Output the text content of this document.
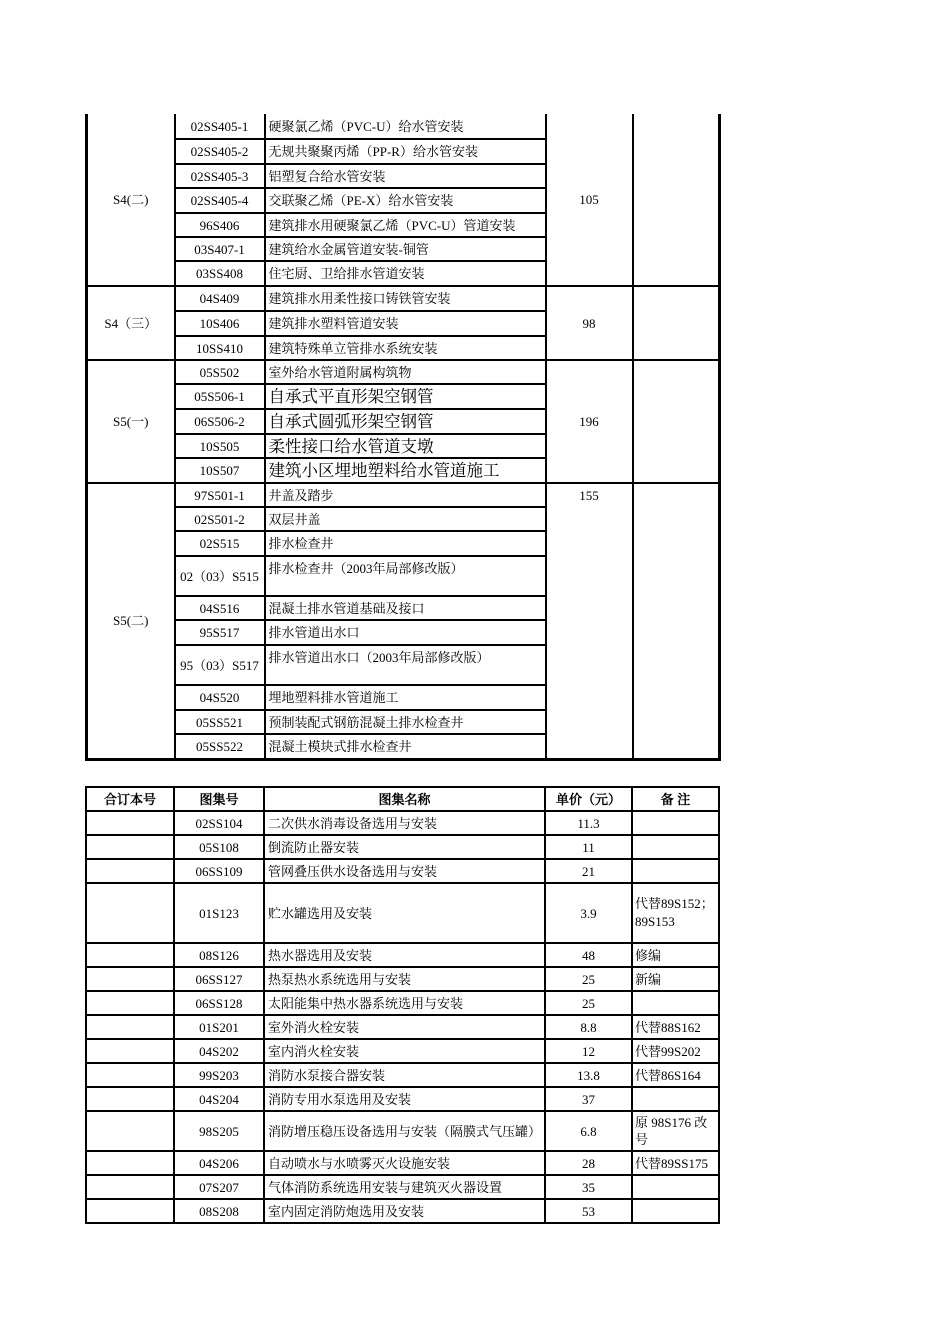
S4(二)	02SS405-1	硬聚氯乙烯（PVC-U）给水管安装	105	
	02SS405-2	无规共聚聚丙烯（PP-R）给水管安装		
	02SS405-3	铝塑复合给水管安装		
	02SS405-4	交联聚乙烯（PE-X）给水管安装		
	96S406	建筑排水用硬聚氯乙烯（PVC-U）管道安装		
	03S407-1	建筑给水金属管道安装-铜管		
	03SS408	住宅厨、卫给排水管道安装		
S4（三）	04S409	建筑排水用柔性接口铸铁管安装	98	
	10S406	建筑排水塑料管道安装		
	10SS410	建筑特殊单立管排水系统安装		
S5(一)	05S502	室外给水管道附属构筑物	196	
	05S506-1	自承式平直形架空钢管		
	06S506-2	自承式圆弧形架空钢管		
	10S505	柔性接口给水管道支墩		
	10S507	建筑小区埋地塑料给水管道施工		
S5(二)	97S501-1	井盖及踏步	155	
	02S501-2	双层井盖		
	02S515	排水检查井		
	02（03）S515	排水检查井（2003年局部修改版）		
	04S516	混凝土排水管道基础及接口		
	95S517	排水管道出水口		
	95（03）S517	排水管道出水口（2003年局部修改版）		
	04S520	埋地塑料排水管道施工		
	05SS521	预制装配式钢筋混凝土排水检查井		
	05SS522	混凝土模块式排水检查井		
合订本号	图集号	图集名称	单价（元）	备 注
	02SS104	二次供水消毒设备选用与安装	11.3	
	05S108	倒流防止器安装	11	
	06SS109	管网叠压供水设备选用与安装	21	
	01S123	贮水罐选用及安装	3.9	代替89S152；89S153
	08S126	热水器选用及安装	48	修编
	06SS127	热泵热水系统选用与安装	25	新编
	06SS128	太阳能集中热水器系统选用与安装	25	
	01S201	室外消火栓安装	8.8	代替88S162
	04S202	室内消火栓安装	12	代替99S202
	99S203	消防水泵接合器安装	13.8	代替86S164
	04S204	消防专用水泵选用及安装	37	
	98S205	消防增压稳压设备选用与安装（隔膜式气压罐）	6.8	原 98S176 改号
	04S206	自动喷水与水喷雾灭火设施安装	28	代替89SS175
	07S207	气体消防系统选用安装与建筑灭火器设置	35	
	08S208	室内固定消防炮选用及安装	53	
